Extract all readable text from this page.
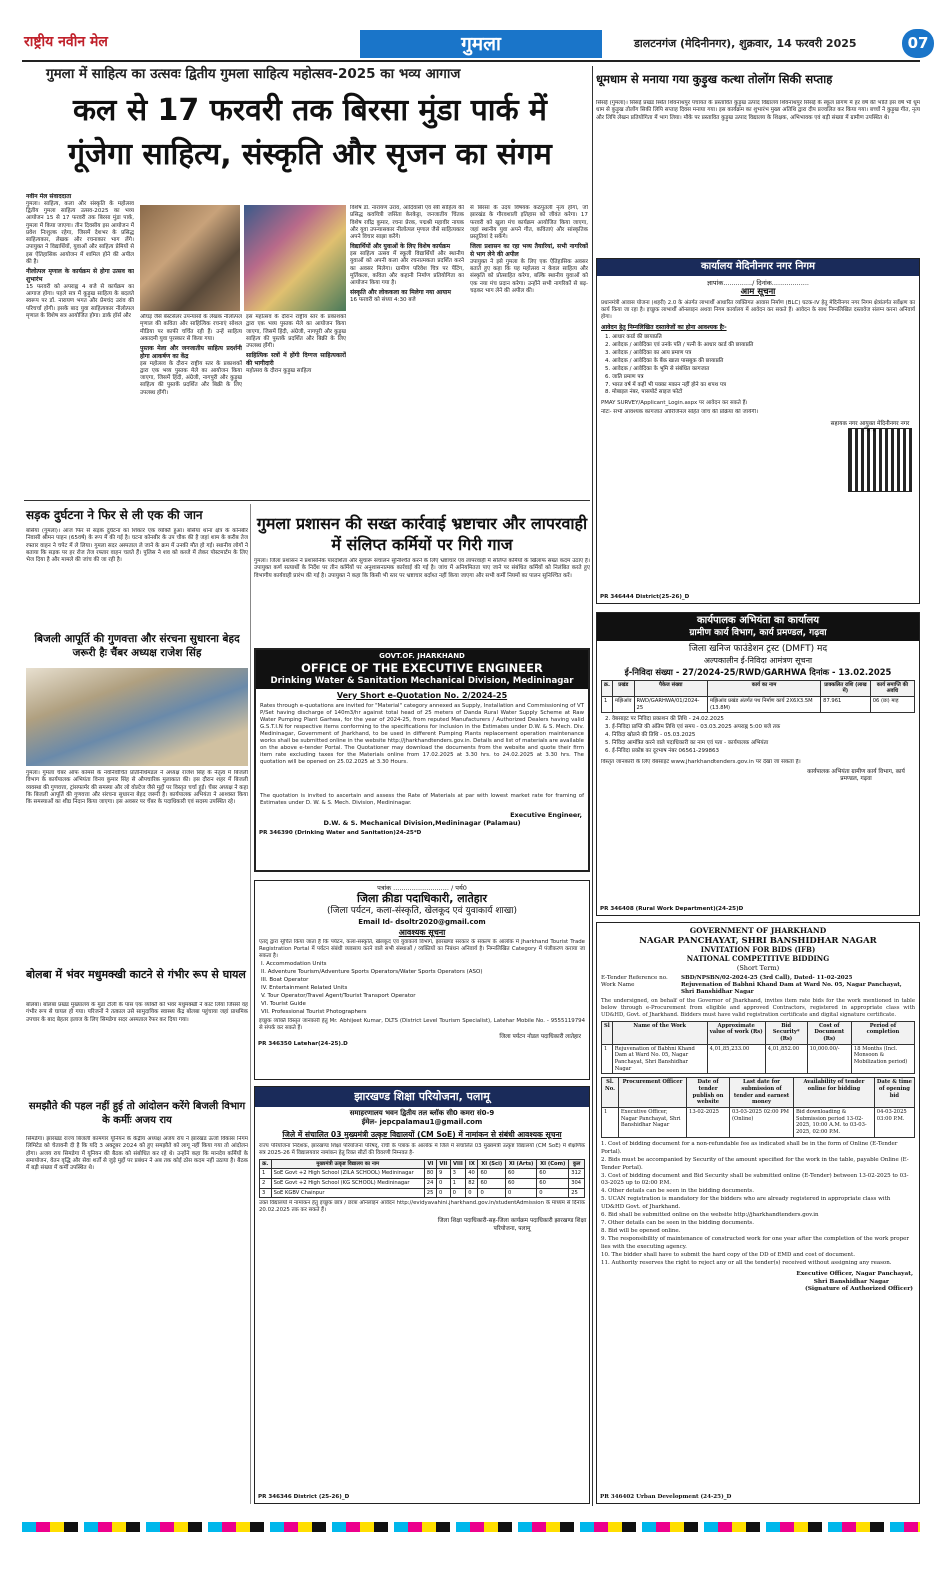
राष्ट्रीय नवीन मेल	गुमला	डालटनगंज (मेदिनीनगर), शुक्रवार, 14 फरवरी 2025	07
गुमला में साहित्य का उत्सवः द्वितीय गुमला साहित्य महोत्सव-2025 का भव्य आगाज
कल से 17 फरवरी तक बिरसा मुंडा पार्क में
गूंजेगा साहित्य, संस्कृति और सृजन का संगम
नवीन मेल संवाददाता
गुमला। साहित्य, कला और संस्कृति के महोत्सव द्वितीय गुमला साहित्य उत्सव-2025 का भव्य आयोजन 15 से 17 फरवरी तक बिरसा मुंडा पार्क, गुमला में किया जाएगा। तीन दिवसीय इस आयोजन में प्रवेश निःशुल्क रहेगा, जिसमें देशभर के प्रसिद्ध साहित्यकार, लेखक और रचनाकार भाग लेंगे। उपायुक्त ने विद्यार्थियों, युवाओं और साहित्य प्रेमियों से इस ऐतिहासिक आयोजन में शामिल होने की अपील की है।
नीलोत्पल मृणाल के कार्यक्रम से होगा उत्सव का शुभारंभ
15 फरवरी को अपराह्न 4 बजे से कार्यक्रम का आगाज होगा। पहले सत्र में कुड़ुख साहित्य के बदलते स्वरूप पर डॉ. नारायण भगत और प्रेमचंद उरांव की परिचर्चा होगी। इसके बाद युवा साहित्यकार नीलोत्पल मृणाल के विशेष सत्र आयोजित होगा। डार्क हॉर्स और	औघड़ जैसे बेस्टसेलर उपन्यासों के लेखक नीलोत्पल मृणाल की कविता और साहित्यिक रचनाएं सोशल मीडिया पर काफी चर्चित रही हैं। उन्हें साहित्य अकादमी युवा पुरस्कार से किया गया।
पुस्तक मेला और जनजातीय साहित्य प्रदर्शनी होगा आकर्षण का केंद्र
इस महोत्सव के दौरान राष्ट्रीय स्तर के प्रकाशकों द्वारा एक भव्य पुस्तक मेले का आयोजन किया जाएगा, जिसमें हिंदी, अंग्रेजी, नागपुरी और कुड़ुख साहित्य की पुस्तकें प्रदर्शित और बिक्री के लिए उपलब्ध होंगी।
इस महोत्सव के दौरान राष्ट्रीय स्तर के प्रकाशकों द्वारा एक भव्य पुस्तक मेले का आयोजन किया जाएगा, जिसमें हिंदी, अंग्रेजी, नागपुरी और कुड़ुख साहित्य की पुस्तकें प्रदर्शित और बिक्री के लिए उपलब्ध होंगी।
साहित्यिक सत्रों में होंगी दिग्गज साहित्यकारों की भागीदारी
महोत्सव के दौरान कुड़ुख साहित्य
विशेष डॉ. नारायण उरांव, आदिवासी एवं स्त्री साहित्य की प्रसिद्ध कवयित्री जसिंता केरकेट्टा, जनजातीय चिंतक विशेष रवींद्र कुमार, रचना प्रेरक, पद्मश्री महावीर नायक और युवा उपन्यासकार नीलोत्पल मृणाल जैसे साहित्यकार अपने विचार साझा करेंगे।
विद्यार्थियों और युवाओं के लिए विशेष कार्यक्रम
इस साहित्य उत्सव में स्कूली विद्यार्थियों और स्थानीय युवाओं को अपनी कला और रचनात्मकता प्रदर्शित करने का अवसर मिलेगा। ग्रामीण परिवेश चित्र पर पेंटिंग, मूर्तिकला, कविता और कहानी निर्माण प्रतियोगिता का आयोजन किया गया है।
संस्कृति और लोककला का मिलेगा नया आयाम
16 फरवरी को संध्या 4:30 बजे
से बिरसा के उदय विषयक कठपुतली नृत्य होगा, जो झारखंड के गौरवशाली इतिहास को जीवंत करेगा। 17 फरवरी को खुला मंच कार्यक्रम आयोजित किया जाएगा, जहां स्थानीय युवा अपने गीत, कविताएं और सांस्कृतिक प्रस्तुतियां दे सकेंगे।
जिला प्रशासन का रहा भव्य तैयारियां, सभी नागरिकों से भाग लेने की अपील
उपायुक्त ने इसे गुमला के लिए एक ऐतिहासिक अवसर बताते हुए कहा कि यह महोत्सव न केवल साहित्य और संस्कृति को प्रोत्साहित करेगा, बल्कि स्थानीय युवाओं को एक नया मंच प्रदान करेगा। उन्होंने सभी नागरिकों से बढ़-चढ़कर भाग लेने की अपील की।
सड़क दुर्घटना ने फिर से ली एक की जान
बसिया (गुमला)। आज फिर से सड़क दुर्घटना का शिकार एक व्यक्ति हुआ। बसिया थाना क्षेत्र के कोनबीर निवासी श्रीमन पाहन (65वर्ष) के रूप में की गई है। घटना कोनबीर के उप चौक की है जहां शाम के करीब तेज रफ्तार वाहन ने चपेट में ले लिया। गुमला सदर अस्पताल ले जाने के क्रम में उनकी मौत हो गई। स्थानीय लोगों ने बताया कि सड़क पर हर रोज तेज रफ्तार वाहन चलते हैं। पुलिस ने शव को कब्जे में लेकर पोस्टमार्टम के लिए भेज दिया है और मामले की जांच की जा रही है।
बिजली आपूर्ति की गुणवत्ता और संरचना सुधारना बेहद जरूरी हैः चैंबर अध्यक्ष राजेश सिंह
गुमला। गुमला चेंबर ऑफ कॉमर्स के नवनिर्वाचित प्रतिनिधिमंडल ने अध्यक्ष राजेश सिंह के नेतृत्व में बिजली विभाग के कार्यपालक अभियंता विनय कुमार सिंह से औपचारिक मुलाकात की। इस दौरान शहर में बिजली व्यवस्था की गुणवत्ता, ट्रांसफार्मर की समस्या और लो वोल्टेज जैसे मुद्दों पर विस्तृत चर्चा हुई। चेंबर अध्यक्ष ने कहा कि बिजली आपूर्ति की गुणवत्ता और संरचना सुधारना बेहद जरूरी है। कार्यपालक अभियंता ने आश्वस्त किया कि समस्याओं का शीघ्र निदान किया जाएगा। इस अवसर पर चेंबर के पदाधिकारी एवं सदस्य उपस्थित रहे।
बोलबा में भंवर मधुमक्खी काटने से गंभीर रूप से घायल
बोलबा। बोलबा प्रखंड मुख्यालय के मुंडा टोली के पास एक व्यक्ति को भंवर मधुमक्खी ने काट लिया जिससे वह गंभीर रूप से घायल हो गया। परिजनों ने तत्काल उसे सामुदायिक स्वास्थ्य केंद्र बोलबा पहुंचाया जहां प्राथमिक उपचार के बाद बेहतर इलाज के लिए सिमडेगा सदर अस्पताल रेफर कर दिया गया।
समझौते की पहल नहीं हुई तो आंदोलन करेंगे बिजली विभाग के कर्मीः अजय राय
सिमडेगा। झारखंड राज्य बिजली कामगार यूनियन के केंद्रीय अध्यक्ष अजय राय ने झारखंड ऊर्जा विकास निगम लिमिटेड को चेतावनी दी है कि यदि 3 अक्टूबर 2024 को हुए समझौते को लागू नहीं किया गया तो आंदोलन होगा। अजय राय सिमडेगा में यूनियन की बैठक को संबोधित कर रहे थे। उन्होंने कहा कि मानदेय कर्मियों के समायोजन, वेतन वृद्धि और सेवा शर्तों से जुड़े मुद्दों पर प्रबंधन ने अब तक कोई ठोस कदम नहीं उठाया है। बैठक में बड़ी संख्या में कर्मी उपस्थित थे।
गुमला प्रशासन की सख्त कार्रवाई भ्रष्टाचार और लापरवाही में संलिप्त कर्मियों पर गिरी गाज
गुमला। जिला प्रशासन ने प्रशासनिक पारदर्शिता और सुचारू संचालन सुनिश्चित करने के लिए भ्रष्टाचार एवं लापरवाही में संलिप्त कर्मियों के खिलाफ सख्त कदम उठाए हैं। उपायुक्त कर्ण सत्यार्थी के निर्देश पर तीन कर्मियों पर अनुशासनात्मक कार्रवाई की गई है। जांच में अनियमितता पाए जाने पर संबंधित कर्मियों को निलंबित करते हुए विभागीय कार्यवाही प्रारंभ की गई है। उपायुक्त ने कहा कि किसी भी स्तर पर भ्रष्टाचार बर्दाश्त नहीं किया जाएगा और सभी कर्मी नियमों का पालन सुनिश्चित करें।
GOVT.OF. JHARKHAND
OFFICE OF THE EXECUTIVE ENGINEER
Drinking Water & Sanitation Mechanical Division, Medininagar
Very Short e-Quotation No. 2/2024-25
Rates through e-quotations are invited for "Material" category annexed as Supply, Installation and Commissioning of VT P/Set having discharge of 140m3/hr against total head of 25 meters of Danda Rural Water Supply Scheme at Raw Water Pumping Plant Garhwa, for the year of 2024-25, from reputed Manufacturers / Authorized Dealers having valid G.S.T.I.N for respective items conforming to the specifications for inclusion in the Estimates under D.W. & S. Mech. Div. Medininagar, Government of Jharkhand, to be used in different Pumping Plants replacement operation maintenance works shall be submitted online in the website http://jharkhandtenders.gov.in. Details and list of materials are available on the above e-tender Portal. The Quotationer may download the documents from the website and quote their firm item rate excluding taxes for the Materials online from 17.02.2025 at 3.30 hrs. to 24.02.2025 at 3.30 hrs. The quotation will be opened on 25.02.2025 at 3.30 Hours.
The quotation is invited to ascertain and assess the Rate of Materials at par with lowest market rate for framing of Estimates under D. W. & S. Mech. Division, Medininagar.
Executive Engineer,
D.W. & S. Mechanical Division,Medininagar (Palamau)
PR 346390 (Drinking Water and Sanitation)24-25*D
पत्रांक ........................... / पर्य0
जिला क्रीडा पदाधिकारी, लातेहार
(जिला पर्यटन, कला-संस्कृति, खेलकूद एवं युवाकार्य शाखा)
Email Id- dsoltr2020@gmail.com
आवश्यक सूचना
एतद् द्वारा सूचित किया जाता है कि पर्यटन, कला-संस्कृति, खेलकूद एवं युवाकार्य विभाग, झारखण्ड सरकार के संकल्प के आलोक में Jharkhand Tourist Trade Registration Portal में पर्यटन संबंधी व्यवसाय करने वाले सभी संस्थाओं / व्यक्तियों का निबंधन अनिवार्य है। निम्नलिखित Category में पंजीकरण कराया जा सकता है।
I. Accommodation Units
II. Adventure Tourism/Adventure Sports Operators/Water Sports Operators (ASO)
III. Boat Operator
IV. Entertainment Related Units
V. Tour Operator/Travel Agent/Tourist Transport Operator
VI. Tourist Guide
VII. Professional Tourist Photographers
इच्छुक व्यक्ति विस्तृत जानकारी हेतु Mr. Abhijeet Kumar, DLTS (District Level Tourism Specialist), Latehar Mobile No. - 9555119794 से संपर्क कर सकते हैं।
जिला पर्यटन नोडल पदाधिकारी लातेहार
PR 346350 Latehar(24-25).D
झारखण्ड शिक्षा परियोजना, पलामू
समाहरणालय भवन द्वितीय तल ब्लॉक सी0 कमरा सं0-9
ईमेल- jepcpalamau1@gmail.com
जिले में संचालित 03 मुख्यमंत्री उत्कृष्ट विद्यालयों (CM SoE) में नामांकन से संबंधी आवश्यक सूचना
राज्य परियोजना निदेशक, झारखण्ड शिक्षा परियोजना परिषद्, रांची के पत्रांक के आलोक में जिले में संचालित 03 मुख्यमंत्री उत्कृष्ट विद्यालयों (CM SoE) में शैक्षणिक सत्र 2025-26 में विद्यालयवार नामांकन हेतु रिक्त सीटों की विवरणी निम्नवत है-
क्र.	मुख्यमंत्री उत्कृष्ट विद्यालय का नाम	VI	VII	VIII	IX	XI (Sci)	XI (Arts)	XI (Com)	कुल
1	SoE Govt +2 High School (ZILA SCHOOL) Medininagar	80	9	3	40	60	60	60	312
2	SoE Govt +2 High School (KG SCHOOL) Medininagar	24	0	1	82	60	60	60	304
3	SoE KGBV Chainpur	25	0	0	0	0	0	0	25
उक्त विद्यालयों में नामांकन हेतु इच्छुक छात्र / छात्रा ऑनलाइन आवेदन http://evidyavahini.jharkhand.gov.in/studentAdmission के माध्यम से दिनांक 20.02.2025 तक कर सकते हैं।
जिला शिक्षा पदाधिकारी-सह-जिला कार्यक्रम पदाधिकारी झारखण्ड शिक्षा परियोजना, पलामू
PR 346346 District (25-26)_D
धूमधाम से मनाया गया कुड़ुख कत्था तोलोंग सिकी सप्ताह
सिसई (गुमला)। सिसई प्रखंड स्थित शिवनाथपुर पंचायत के प्रस्तावित कुड़ुख उत्पाद विद्यालय शिवनाथपुर सिसई के स्कूल प्रांगण में हर वर्ष की भांति इस वर्ष भी धूम धाम से कुड़ुख तोलोंग सिकी लिपि सप्ताह दिवस मनाया गया। इस कार्यक्रम का शुभारंभ मुख्य अतिथि द्वारा दीप प्रज्वलित कर किया गया। बच्चों ने कुड़ुख गीत, नृत्य और लिपि लेखन प्रतियोगिता में भाग लिया। मौके पर प्रस्तावित कुड़ुख उत्पाद विद्यालय के शिक्षक, अभिभावक एवं बड़ी संख्या में ग्रामीण उपस्थित थे।
कार्यालय मेदिनीनगर नगर निगम
ज्ञापांक............../ दिनांक..................
आम सूचना
प्रधानमंत्री आवास योजना (शहरी) 2.0 के अंतर्गत लाभार्थी आधारित व्यक्तिगत आवास निर्माण (BLC) घटक-IV हेतु मेदिनीनगर नगर निगम क्षेत्रांतर्गत सर्वेक्षण का कार्य किया जा रहा है। इच्छुक लाभार्थी ऑनलाइन अथवा निगम कार्यालय में आवेदन कर सकते हैं। आवेदन के साथ निम्नलिखित दस्तावेज संलग्न करना अनिवार्य होगा।
आवेदन हेतु निम्नलिखित दस्तावेजों का होना आवश्यक हैः-
1. आधार कार्ड की छायाप्रति
2. आवेदक / आवेदिका एवं उनके पति / पत्नी के आधार कार्ड की छायाप्रति
3. आवेदक / आवेदिका का आय प्रमाण पत्र
4. आवेदक / आवेदिका के बैंक खाता पासबुक की छायाप्रति
5. आवेदक / आवेदिका के भूमि से संबंधित कागजात
6. जाति प्रमाण पत्र
7. भारत वर्ष में कहीं भी पक्का मकान नहीं होने का शपथ पत्र
8. मोबाइल नंबर, पासपोर्ट साइज फोटो
PMAY SURVEY/Applicant_Login.aspx पर आवेदन कर सकते हैं।
नोटः- सभी आवश्यक कागजात ऑरिजिनल सहित जाँच की प्रक्रिया की जायेगी।
सहायक नगर आयुक्त मेदिनीनगर नगर
PR 346444 District(25-26)_D
कार्यपालक अभियंता का कार्यालय
ग्रामीण कार्य विभाग, कार्य प्रमण्डल, गढ़वा
जिला खनिज फाउंडेशन ट्रस्ट (DMFT) मद
अल्पकालीन ई-निविदा आमंत्रण सूचना
ई-निविदा संख्या - 27/2024-25/RWD/GARHWA दिनांक - 13.02.2025
क्र.	प्रखंड	पैकेज संख्या	कार्य का नाम	प्राक्कलित राशि (लाख में)	कार्य समाप्ति की अवधि
1	मझिआंव	RWD/GARHWA/01/2024-25	मझिआंव प्रखंड अंतर्गत पथ निर्माण कार्य 2X6X3.5M (13.8M)	87.961	06 (छः) माह
2. वेबसाइट पर निविदा प्रकाशन की तिथि - 24.02.2025
3. ई-निविदा प्राप्ति की अंतिम तिथि एवं समय - 03.03.2025 अपराह्न 5:00 बजे तक
4. निविदा खोलने की तिथि - 05.03.2025
5. निविदा आमंत्रित करने वाले पदाधिकारी का नाम एवं पता - कार्यपालक अभियंता
6. ई-निविदा प्रकोष्ठ का दूरभाष नंबर 06561-299863
विस्तृत जानकारी के लिए वेबसाइट www.jharkhandtenders.gov.in पर देखा जा सकता है।
कार्यपालक अभियंता ग्रामीण कार्य विभाग, कार्य प्रमण्डल, गढ़वा
PR 346408 (Rural Work Department)(24-25)D
GOVERNMENT OF JHARKHAND
NAGAR PANCHAYAT, SHRI BANSHIDHAR NAGAR
INVITATION FOR BIDS (IFB)
NATIONAL COMPETITIVE BIDDING
(Short Term)
E-Tender Reference no.	SBD/NPSBN/02-2024-25 (3rd Call), Dated- 11-02-2025
Work Name	Rejuvenation of Babhni Khand Dam at Ward No. 05, Nagar Panchayat, Shri Banshidhar Nagar
The undersigned, on behalf of the Governor of Jharkhand, invites item rate bids for the work mentioned in table below through e-Procurement from eligible and approved Contractors, registered in appropriate class with UD&HD, Govt. of Jharkhand. Bidders must have valid registration certificate and digital signature certificate.
Sl	Name of the Work	Approximate value of work (Rs)	Bid Security* (Rs)	Cost of Document (Rs)	Period of completion
1	Rejuvenation of Babhni Khand Dam at Ward No. 05, Nagar Panchayat, Shri Banshidhar Nagar	4,01,85,233.00	4,01,852.00	10,000.00/-	18 Months (Incl. Monsoon & Mobilization period)
Sl. No.	Procurement Officer	Date of tender publish on website	Last date for submission of tender and earnest money	Availability of tender online for bidding	Date & time of opening bid
1	Executive Officer, Nagar Panchayat, Shri Banshidhar Nagar	13-02-2025	03-03-2025 02:00 PM (Online)	Bid downloading & Submission period 13-02-2025, 10:00 A.M. to 03-03-2025, 02:00 P.M.	04-03-2025 03:00 P.M.
1. Cost of bidding document for a non-refundable fee as indicated shall be in the form of Online (E-Tender Portal).
2. Bids must be accompanied by Security of the amount specified for the work in the table, payable Online (E-Tender Portal).
3. Cost of bidding document and Bid Security shall be submitted online (E-Tender) between 13-02-2025 to 03-03-2025 up to 02:00 P.M.
4. Other details can be seen in the bidding documents.
5. UCAN registration is mandatory for the bidders who are already registered in appropriate class with UD&HD Govt. of Jharkhand.
6. Bid shall be submitted online on the website http://jharkhandtenders.gov.in
7. Other details can be seen in the bidding documents.
8. Bid will be opened online.
9. The responsibility of maintenance of constructed work for one year after the completion of the work proper lies with the executing agency.
10. The bidder shall have to submit the hard copy of the DD of EMD and cost of document.
11. Authority reserves the right to reject any or all the tender(s) received without assigning any reason.
Executive Officer, Nagar Panchayat,
Shri Banshidhar Nagar
(Signature of Authorized Officer)
PR 346402 Urban Development (24-25)_D
